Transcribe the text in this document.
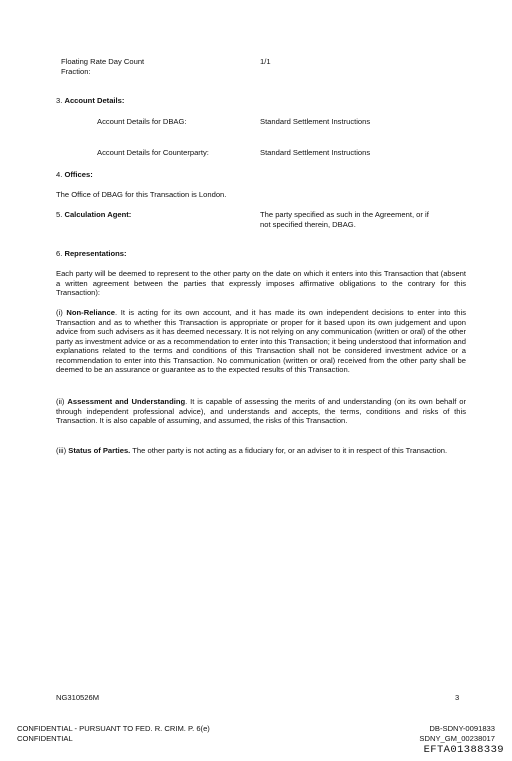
Floating Rate Day Count
Fraction:
1/1
3. Account Details:
Account Details for DBAG:	Standard Settlement Instructions
Account Details for Counterparty:	Standard Settlement Instructions
4. Offices:
The Office of DBAG for this Transaction is London.
5. Calculation Agent:	The party specified as such in the Agreement, or if
not specified therein, DBAG.
6. Representations:
Each party will be deemed to represent to the other party on the date on which it enters into this Transaction that (absent a written agreement between the parties that expressly imposes affirmative obligations to the contrary for this Transaction):
(i) Non-Reliance. It is acting for its own account, and it has made its own independent decisions to enter into this Transaction and as to whether this Transaction is appropriate or proper for it based upon its own judgement and upon advice from such advisers as it has deemed necessary. It is not relying on any communication (written or oral) of the other party as investment advice or as a recommendation to enter into this Transaction; it being understood that information and explanations related to the terms and conditions of this Transaction shall not be considered investment advice or a recommendation to enter into this Transaction. No communication (written or oral) received from the other party shall be deemed to be an assurance or guarantee as to the expected results of this Transaction.
(ii) Assessment and Understanding. It is capable of assessing the merits of and understanding (on its own behalf or through independent professional advice), and understands and accepts, the terms, conditions and risks of this Transaction. It is also capable of assuming, and assumed, the risks of this Transaction.
(iii) Status of Parties. The other party is not acting as a fiduciary for, or an adviser to it in respect of this Transaction.
NG310526M	3
CONFIDENTIAL - PURSUANT TO FED. R. CRIM. P. 6(e)
CONFIDENTIAL
DB-SDNY-0091833
SDNY_GM_00238017
EFTA01388339
